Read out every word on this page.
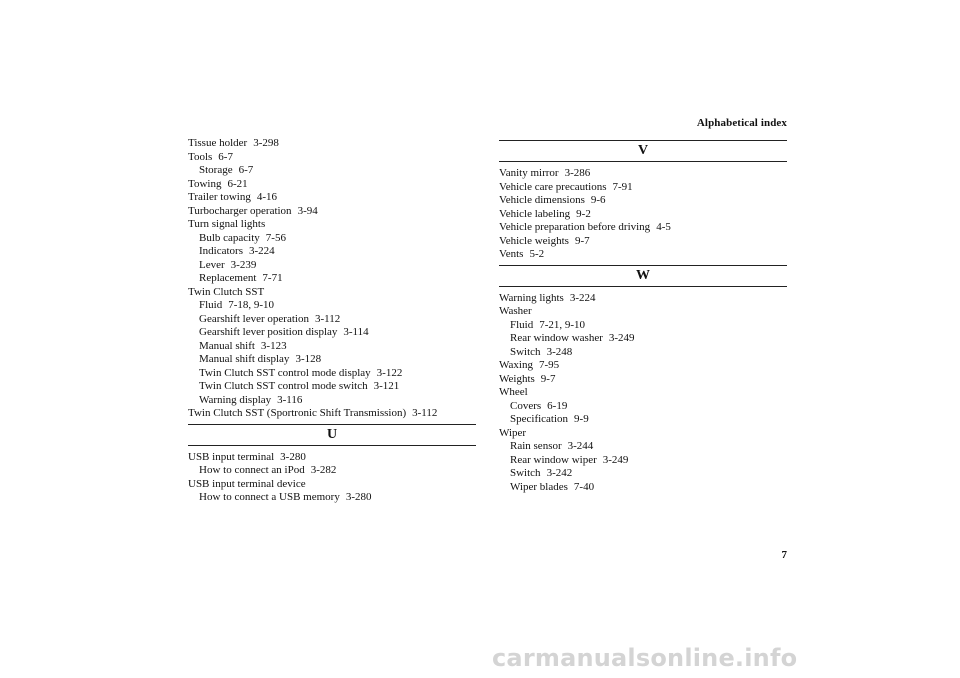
Alphabetical index
Tissue holder 3-298
Tools 6-7
Storage 6-7
Towing 6-21
Trailer towing 4-16
Turbocharger operation 3-94
Turn signal lights
Bulb capacity 7-56
Indicators 3-224
Lever 3-239
Replacement 7-71
Twin Clutch SST
Fluid 7-18, 9-10
Gearshift lever operation 3-112
Gearshift lever position display 3-114
Manual shift 3-123
Manual shift display 3-128
Twin Clutch SST control mode display 3-122
Twin Clutch SST control mode switch 3-121
Warning display 3-116
Twin Clutch SST (Sportronic Shift Transmission) 3-112
U
USB input terminal 3-280
How to connect an iPod 3-282
USB input terminal device
How to connect a USB memory 3-280
V
Vanity mirror 3-286
Vehicle care precautions 7-91
Vehicle dimensions 9-6
Vehicle labeling 9-2
Vehicle preparation before driving 4-5
Vehicle weights 9-7
Vents 5-2
W
Warning lights 3-224
Washer
Fluid 7-21, 9-10
Rear window washer 3-249
Switch 3-248
Waxing 7-95
Weights 9-7
Wheel
Covers 6-19
Specification 9-9
Wiper
Rain sensor 3-244
Rear window wiper 3-249
Switch 3-242
Wiper blades 7-40
7
carmanualsonline.info
